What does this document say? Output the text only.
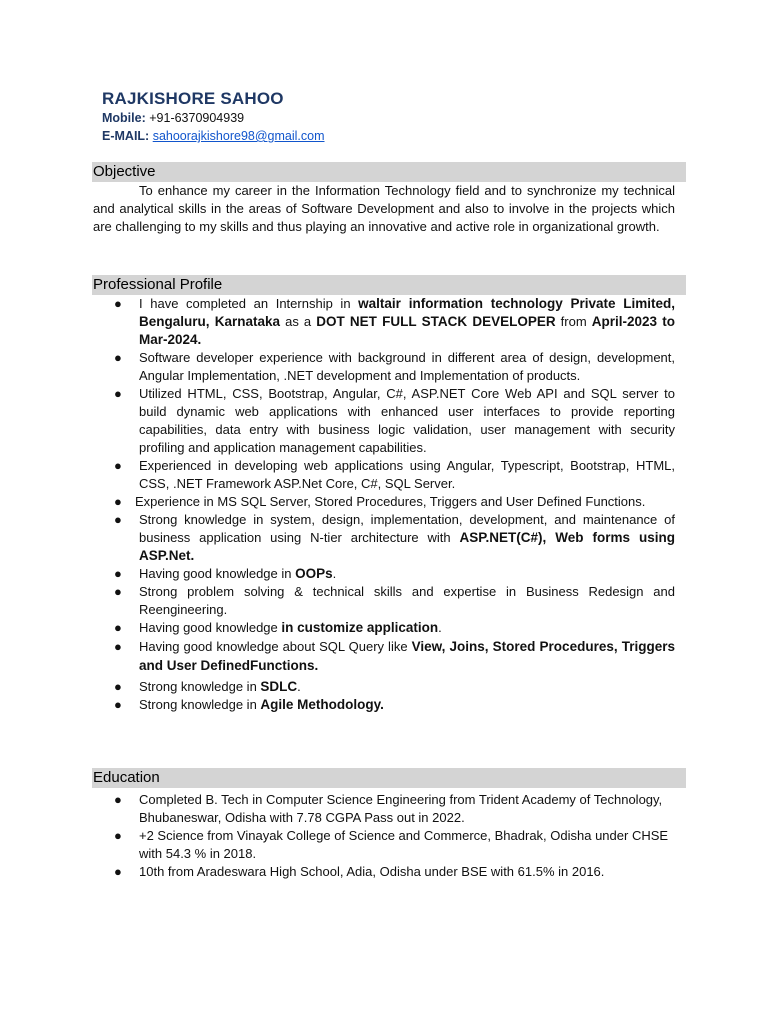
RAJKISHORE SAHOO
Mobile: +91-6370904939
E-MAIL: sahoorajkishore98@gmail.com
Objective
To enhance my career in the Information Technology field and to synchronize my technical and analytical skills in the areas of Software Development and also to involve in the projects which are challenging to my skills and thus playing an innovative and active role in organizational growth.
Professional Profile
● I have completed an Internship in waltair information technology Private Limited, Bengaluru, Karnataka as a DOT NET FULL STACK DEVELOPER from April-2023 to Mar-2024.
● Software developer experience with background in different area of design, development, Angular Implementation, .NET development and Implementation of products.
● Utilized HTML, CSS, Bootstrap, Angular, C#, ASP.NET Core Web API and SQL server to build dynamic web applications with enhanced user interfaces to provide reporting capabilities, data entry with business logic validation, user management with security profiling and application management capabilities.
● Experienced in developing web applications using Angular, Typescript, Bootstrap, HTML, CSS, .NET Framework ASP.Net Core, C#, SQL Server.
● Experience in MS SQL Server, Stored Procedures, Triggers and User Defined Functions.
● Strong knowledge in system, design, implementation, development, and maintenance of business application using N-tier architecture with ASP.NET(C#), Web forms using ASP.Net.
● Having good knowledge in OOPs.
● Strong problem solving & technical skills and expertise in Business Redesign and Reengineering.
● Having good knowledge in customize application.
● Having good knowledge about SQL Query like View, Joins, Stored Procedures, Triggers and User DefinedFunctions.
● Strong knowledge in SDLC.
● Strong knowledge in Agile Methodology.
Education
● Completed B. Tech in Computer Science Engineering from Trident Academy of Technology, Bhubaneswar, Odisha with 7.78 CGPA Pass out in 2022.
● +2 Science from Vinayak College of Science and Commerce, Bhadrak, Odisha under CHSE with 54.3 % in 2018.
● 10th from Aradeswara High School, Adia, Odisha under BSE with 61.5% in 2016.
